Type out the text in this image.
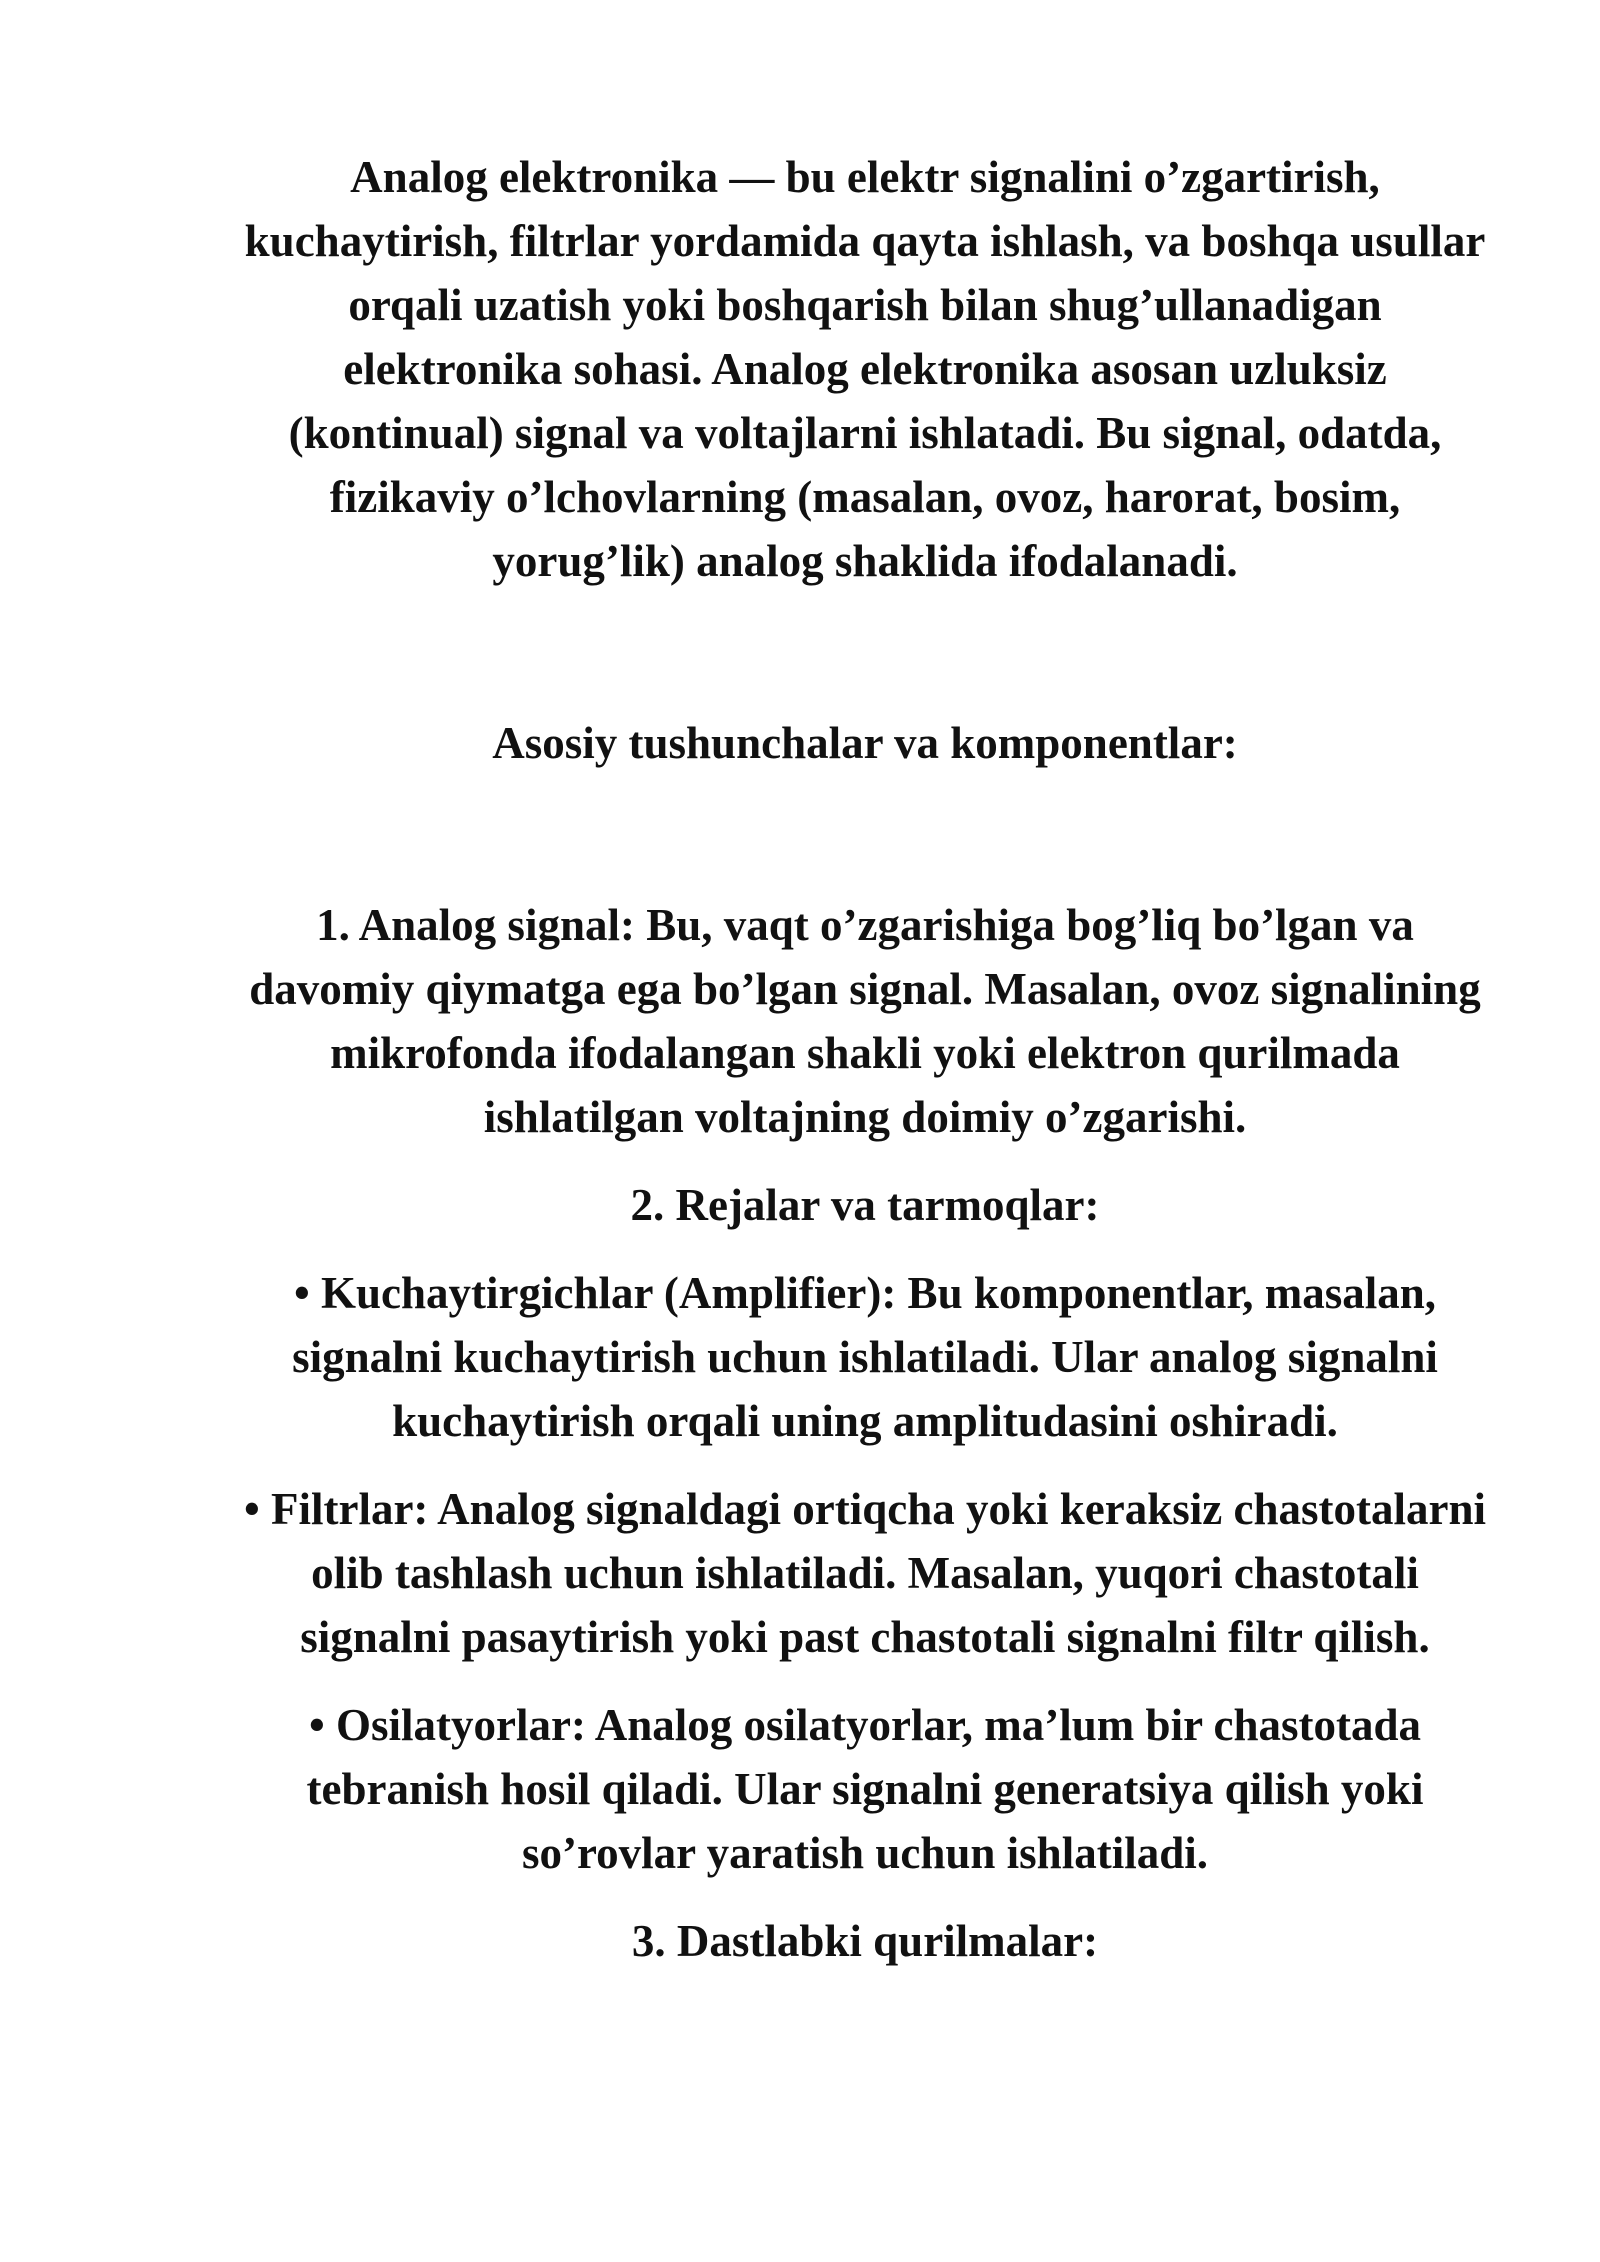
Analog elektronika — bu elektr signalini o’zgartirish, kuchaytirish, filtrlar yordamida qayta ishlash, va boshqa usullar orqali uzatish yoki boshqarish bilan shug’ullanadigan elektronika sohasi. Analog elektronika asosan uzluksiz (kontinual) signal va voltajlarni ishlatadi. Bu signal, odatda, fizikaviy o’lchovlarning (masalan, ovoz, harorat, bosim, yorug’lik) analog shaklida ifodalanadi.

Asosiy tushunchalar va komponentlar:

1. Analog signal: Bu, vaqt o’zgarishiga bog’liq bo’lgan va davomiy qiymatga ega bo’lgan signal. Masalan, ovoz signalining mikrofonda ifodalangan shakli yoki elektron qurilmada ishlatilgan voltajning doimiy o’zgarishi.

2. Rejalar va tarmoqlar:

• Kuchaytirgichlar (Amplifier): Bu komponentlar, masalan, signalni kuchaytirish uchun ishlatiladi. Ular analog signalni kuchaytirish orqali uning amplitudasini oshiradi.

• Filtrlar: Analog signaldagi ortiqcha yoki keraksiz chastotalarni olib tashlash uchun ishlatiladi. Masalan, yuqori chastotali signalni pasaytirish yoki past chastotali signalni filtr qilish.

• Osilatyorlar: Analog osilatyorlar, ma’lum bir chastotada tebranish hosil qiladi. Ular signalni generatsiya qilish yoki so’rovlar yaratish uchun ishlatiladi.

3. Dastlabki qurilmalar:
